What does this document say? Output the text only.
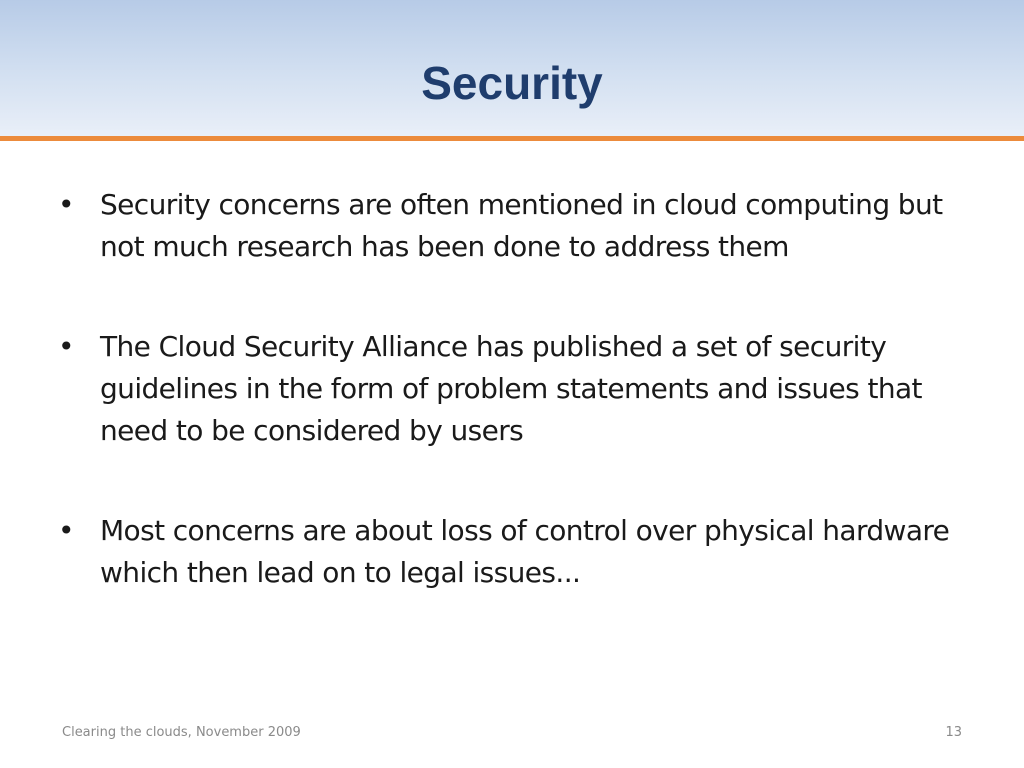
Security
• Security concerns are often mentioned in cloud computing but not much research has been done to address them
• The Cloud Security Alliance has published a set of security guidelines in the form of problem statements and issues that need to be considered by users
• Most concerns are about loss of control over physical hardware which then lead on to legal issues...
Clearing the clouds, November 2009	13
